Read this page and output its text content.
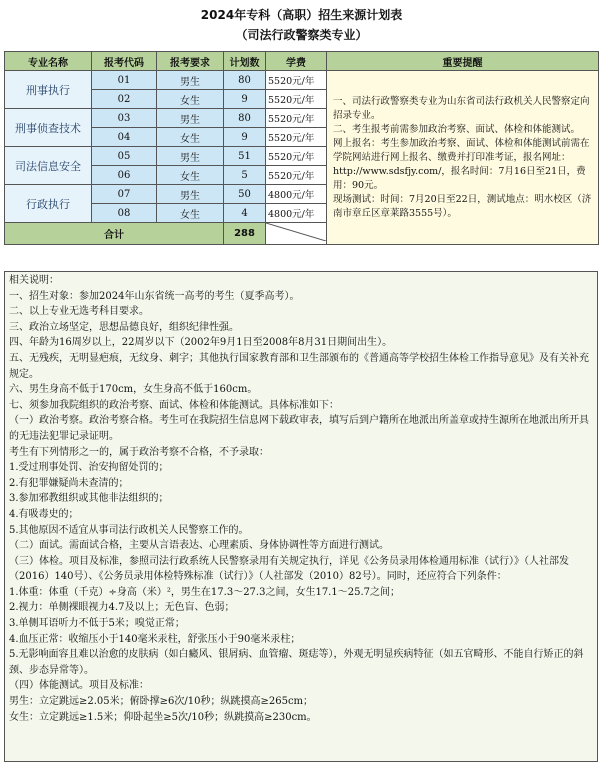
2024年专科（高职）招生来源计划表
（司法行政警察类专业）
专业名称	报考代码	报考要求	计划数	学费	重要提醒
刑事执行	01	男生	80	5520元/年	一、司法行政警察类专业为山东省司法行政机关人民警察定向招录专业。

二、考生报考前需参加政治考察、面试、体检和体能测试。

网上报名：考生参加政治考察、面试、体检和体能测试前需在学院网站进行网上报名、缴费并打印准考证，报名网址：http://www.sdsfjy.com/，报名时间：7月16日至21日，费用：90元。

现场测试：时间：7月20日至22日，测试地点：明水校区（济南市章丘区章莱路3555号）。

	02	女生	9	5520元/年	
刑事侦查技术	03	男生	80	5520元/年	
	04	女生	9	5520元/年	
司法信息安全	05	男生	51	5520元/年	
	06	女生	5	5520元/年	
行政执行	07	男生	50	4800元/年	
	08	女生	4	4800元/年	
合计			288	

相关说明：

一、招生对象：参加2024年山东省统一高考的考生（夏季高考）。

二、以上专业无选考科目要求。

三、政治立场坚定，思想品德良好，组织纪律性强。

四、年龄为16周岁以上，22周岁以下（2002年9月1日至2008年8月31日期间出生）。

五、无残疾，无明显疤痕，无纹身、刺字；其他执行国家教育部和卫生部颁布的《普通高等学校招生体检工作指导意见》及有关补充规定。

六、男生身高不低于170cm，女生身高不低于160cm。

七、须参加我院组织的政治考察、面试、体检和体能测试。具体标准如下：

（一）政治考察。政治考察合格。考生可在我院招生信息网下载政审表，填写后到户籍所在地派出所盖章或持生源所在地派出所开具的无违法犯罪记录证明。

考生有下列情形之一的，属于政治考察不合格，不予录取：

1.受过刑事处罚、治安拘留处罚的；

2.有犯罪嫌疑尚未查清的；

3.参加邪教组织或其他非法组织的；

4.有吸毒史的；

5.其他原因不适宜从事司法行政机关人民警察工作的。

（二）面试。需面试合格，主要从言语表达、心理素质、身体协调性等方面进行测试。

（三）体检。项目及标准，参照司法行政系统人民警察录用有关规定执行，详见《公务员录用体检通用标准（试行）》（人社部发（2016）140号）、《公务员录用体检特殊标准（试行）》（人社部发（2010）82号）。同时，还应符合下列条件：

1.体重：体重（千克）÷身高（米）²，男生在17.3～27.3之间，女生17.1～25.7之间；

2.视力：单侧裸眼视力4.7及以上；无色盲、色弱；

3.单侧耳语听力不低于5米；嗅觉正常；

4.血压正常：收缩压小于140毫米汞柱，舒张压小于90毫米汞柱；

5.无影响面容且难以治愈的皮肤病（如白癜风、银屑病、血管瘤、斑痣等），外观无明显疾病特征（如五官畸形、不能自行矫正的斜颈、步态异常等）。

（四）体能测试。项目及标准：

男生：立定跳远≥2.05米；俯卧撑≥6次/10秒；纵跳摸高≥265cm；

女生：立定跳远≥1.5米；仰卧起坐≥5次/10秒；纵跳摸高≥230cm。
